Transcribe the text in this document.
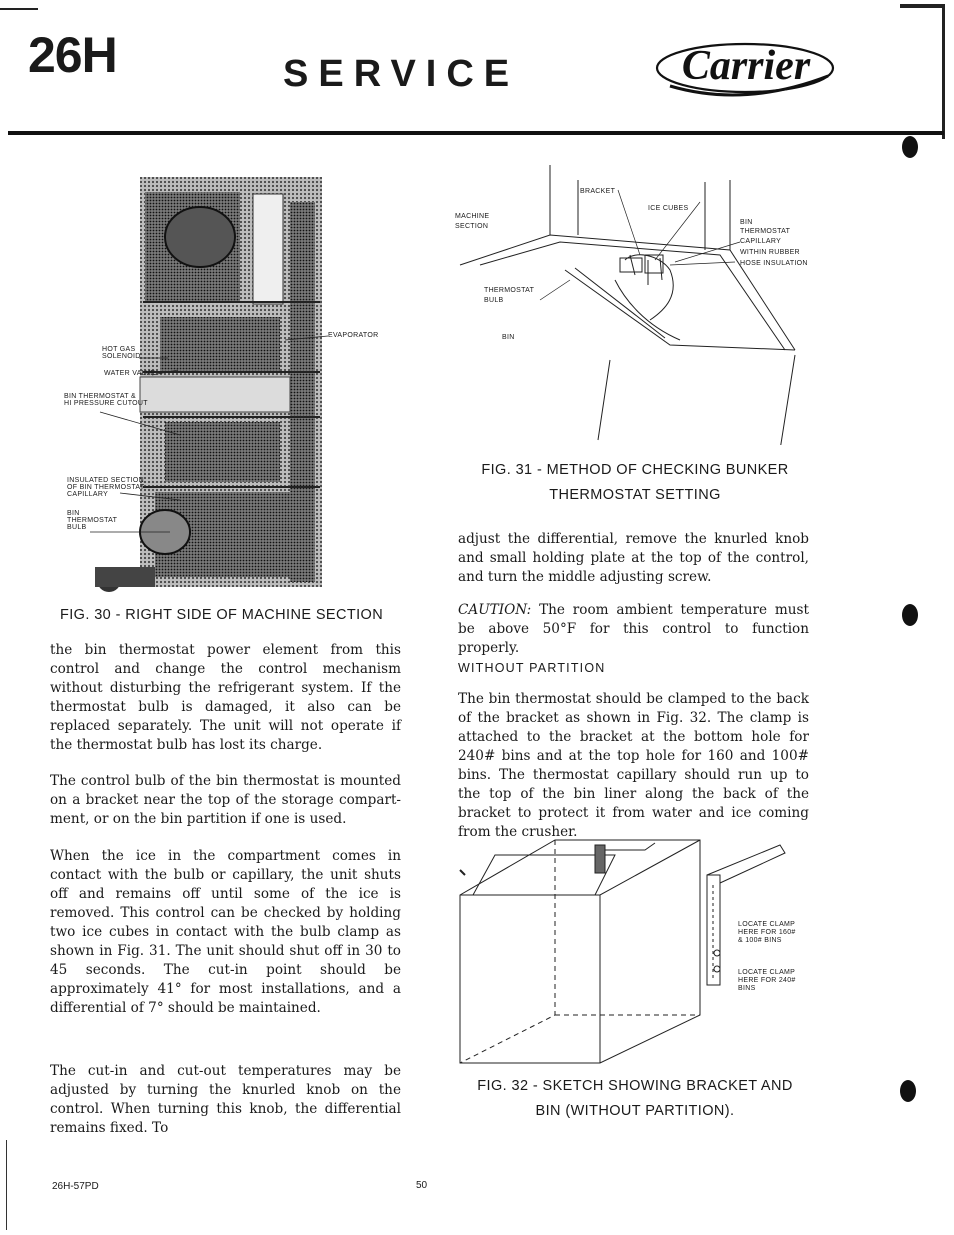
26H	SERVICE	Carrier
EVAPORATOR
HOT GAS
SOLENOID
WATER VALVE
BIN THERMOSTAT &
HI PRESSURE CUTOUT
INSULATED SECTION
OF BIN THERMOSTAT
CAPILLARY
BIN
THERMOSTAT
BULB
FIG. 30 - RIGHT SIDE OF MACHINE SECTION
BRACKET
ICE CUBES
MACHINE
SECTION
BIN
THERMOSTAT
CAPILLARY
WITHIN RUBBER
HOSE INSULATION
THERMOSTAT
BULB
BIN
FIG. 31 - METHOD OF CHECKING BUNKER
THERMOSTAT SETTING
the bin thermostat power element from this control and change the control mechanism without disturbing the refrigerant system. If the thermostat bulb is damaged, it also can be replaced separately. The unit will not operate if the thermostat bulb has lost its charge.
The control bulb of the bin thermostat is mounted on a bracket near the top of the storage compart-ment, or on the bin partition if one is used.
When the ice in the compartment comes in contact with the bulb or capillary, the unit shuts off and remains off until some of the ice is removed. This control can be checked by holding two ice cubes in contact with the bulb clamp as shown in Fig. 31. The unit should shut off in 30 to 45 seconds. The cut-in point should be approximately 41° for most installations, and a differential of 7° should be maintained.
The cut-in and cut-out temperatures may be adjusted by turning the knurled knob on the control. When turning this knob, the differential remains fixed. To
adjust the differential, remove the knurled knob and small holding plate at the top of the control, and turn the middle adjusting screw.
CAUTION: The room ambient temperature must be above 50°F for this control to function properly.
WITHOUT PARTITION
The bin thermostat should be clamped to the back of the bracket as shown in Fig. 32. The clamp is attached to the bracket at the bottom hole for 240# bins and at the top hole for 160 and 100# bins. The thermostat capillary should run up to the top of the bin liner along the back of the bracket to protect it from water and ice coming from the crusher.
LOCATE CLAMP
HERE FOR 160#
& 100# BINS
LOCATE CLAMP
HERE FOR 240#
BINS
FIG. 32 - SKETCH SHOWING BRACKET AND
BIN (WITHOUT PARTITION).
26H-57PD	50
